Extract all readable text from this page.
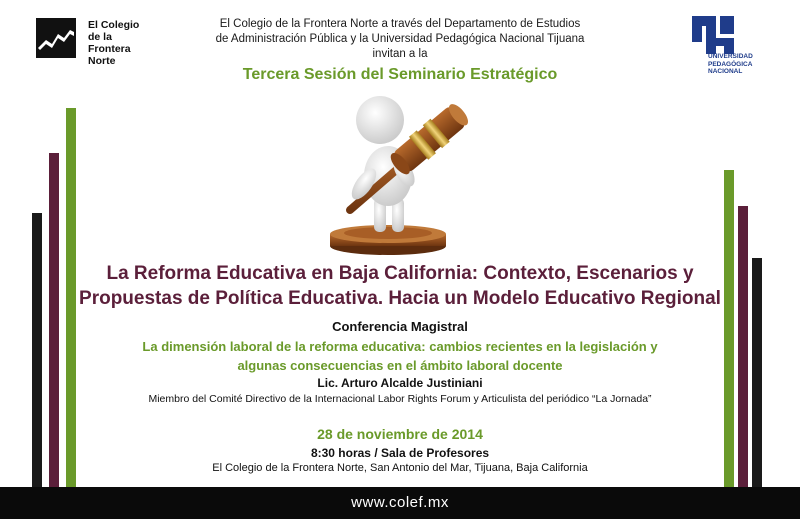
El Colegio
de la Frontera
Norte	UNIVERSIDAD
PEDAGÓGICA
NACIONAL
El Colegio de la Frontera Norte a través del Departamento de Estudios
de Administración Pública y la Universidad Pedagógica Nacional Tijuana
invitan a la
Tercera Sesión del Seminario Estratégico
La Reforma Educativa en Baja California: Contexto, Escenarios y
Propuestas de Política Educativa. Hacia un Modelo Educativo Regional
Conferencia Magistral
La dimensión laboral de la reforma educativa: cambios recientes en la legislación y
algunas consecuencias en el ámbito laboral docente
Lic. Arturo Alcalde Justiniani
Miembro del Comité Directivo de la Internacional Labor Rights Forum y Articulista del periódico “La Jornada”
28 de noviembre de 2014
8:30 horas / Sala de Profesores
El Colegio de la Frontera Norte, San Antonio del Mar, Tijuana, Baja California
www.colef.mx
